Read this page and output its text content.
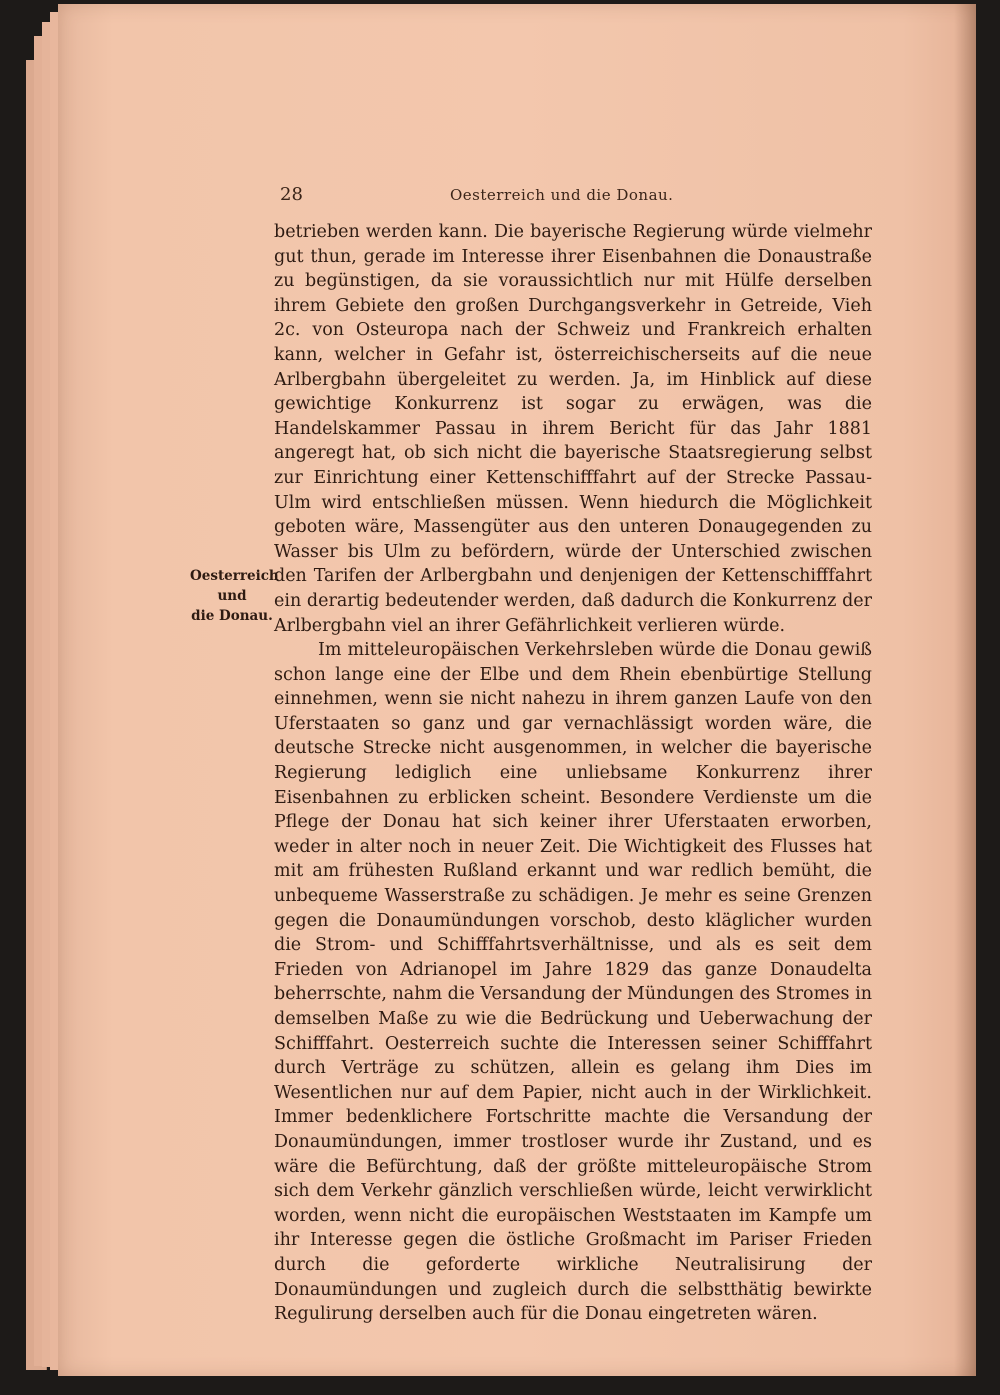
28	Oesterreich und die Donau.
Oesterreich
und
die Donau.

betrieben werden kann. Die bayerische Regierung würde vielmehr gut thun, gerade im Interesse ihrer Eisenbahnen die Donaustraße zu begünstigen, da sie voraussichtlich nur mit Hülfe derselben ihrem Gebiete den großen Durchgangsverkehr in Getreide, Vieh 2c. von Osteuropa nach der Schweiz und Frankreich erhalten kann, welcher in Gefahr ist, österreichischerseits auf die neue Arlbergbahn übergeleitet zu werden. Ja, im Hinblick auf diese gewichtige Konkurrenz ist sogar zu erwägen, was die Handelskammer Passau in ihrem Bericht für das Jahr 1881 angeregt hat, ob sich nicht die bayerische Staatsregierung selbst zur Einrichtung einer Kettenschifffahrt auf der Strecke Passau-Ulm wird entschließen müssen. Wenn hiedurch die Möglichkeit geboten wäre, Massengüter aus den unteren Donaugegenden zu Wasser bis Ulm zu befördern, würde der Unterschied zwischen den Tarifen der Arlbergbahn und denjenigen der Kettenschifffahrt ein derartig bedeutender werden, daß dadurch die Konkurrenz der Arlbergbahn viel an ihrer Gefährlichkeit verlieren würde.

Im mitteleuropäischen Verkehrsleben würde die Donau gewiß schon lange eine der Elbe und dem Rhein ebenbürtige Stellung einnehmen, wenn sie nicht nahezu in ihrem ganzen Laufe von den Uferstaaten so ganz und gar vernachlässigt worden wäre, die deutsche Strecke nicht ausgenommen, in welcher die bayerische Regierung lediglich eine unliebsame Konkurrenz ihrer Eisenbahnen zu erblicken scheint. Besondere Verdienste um die Pflege der Donau hat sich keiner ihrer Uferstaaten erworben, weder in alter noch in neuer Zeit. Die Wichtigkeit des Flusses hat mit am frühesten Rußland erkannt und war redlich bemüht, die unbequeme Wasserstraße zu schädigen. Je mehr es seine Grenzen gegen die Donaumündungen vorschob, desto kläglicher wurden die Strom- und Schifffahrtsverhältnisse, und als es seit dem Frieden von Adrianopel im Jahre 1829 das ganze Donaudelta beherrschte, nahm die Versandung der Mündungen des Stromes in demselben Maße zu wie die Bedrückung und Ueberwachung der Schifffahrt. Oesterreich suchte die Interessen seiner Schifffahrt durch Verträge zu schützen, allein es gelang ihm Dies im Wesentlichen nur auf dem Papier, nicht auch in der Wirklichkeit. Immer bedenklichere Fortschritte machte die Versandung der Donaumündungen, immer trostloser wurde ihr Zustand, und es wäre die Befürchtung, daß der größte mitteleuropäische Strom sich dem Verkehr gänzlich verschließen würde, leicht verwirklicht worden, wenn nicht die europäischen Weststaaten im Kampfe um ihr Interesse gegen die östliche Großmacht im Pariser Frieden durch die geforderte wirkliche Neutralisirung der Donaumündungen und zugleich durch die selbstthätig bewirkte Regulirung derselben auch für die Donau eingetreten wären.
